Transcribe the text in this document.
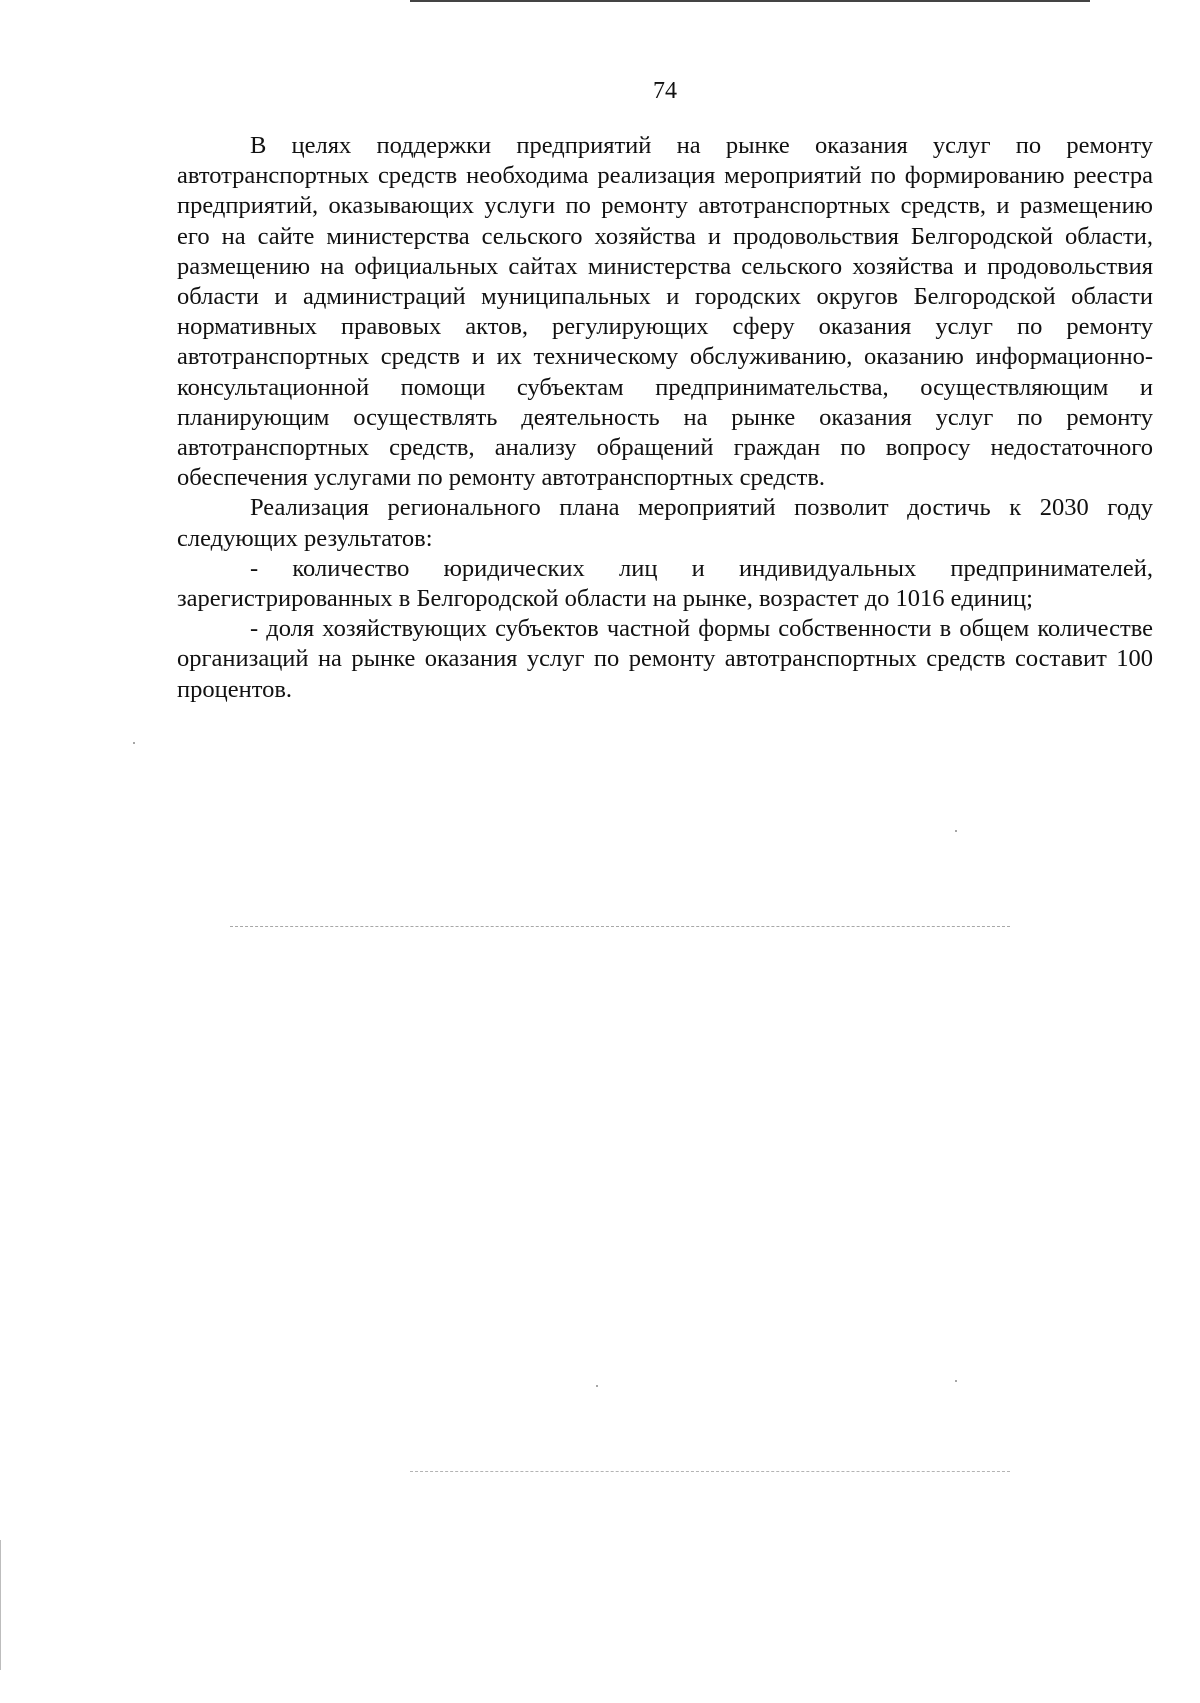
74

В целях поддержки предприятий на рынке оказания услуг по ремонту автотранспортных средств необходима реализация мероприятий по формированию реестра предприятий, оказывающих услуги по ремонту автотранспортных средств, и размещению его на сайте министерства сельского хозяйства и продовольствия Белгородской области, размещению на официальных сайтах министерства сельского хозяйства и продовольствия области и администраций муниципальных и городских округов Белгородской области нормативных правовых актов, регулирующих сферу оказания услуг по ремонту автотранспортных средств и их техническому обслуживанию, оказанию информационно-консультационной помощи субъектам предпринимательства, осуществляющим и планирующим осуществлять деятельность на рынке оказания услуг по ремонту автотранспортных средств, анализу обращений граждан по вопросу недостаточного обеспечения услугами по ремонту автотранспортных средств.

Реализация регионального плана мероприятий позволит достичь к 2030 году следующих результатов:

- количество юридических лиц и индивидуальных предпринимателей, зарегистрированных в Белгородской области на рынке, возрастет до 1016 единиц;

- доля хозяйствующих субъектов частной формы собственности в общем количестве организаций на рынке оказания услуг по ремонту автотранспортных средств составит 100 процентов.
